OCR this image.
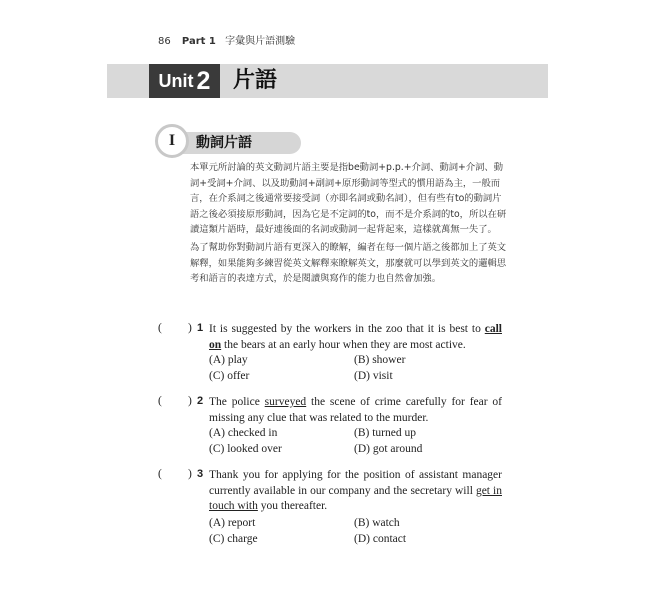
86 Part 1 字彙與片語測驗
Unit 2 片語
I	動詞片語

本單元所討論的英文動詞片語主要是指be動詞+p.p.+介詞、動詞+介詞、動詞+受詞+介詞、以及助動詞+副詞+原形動詞等型式的慣用語為主，一般而言，在介系詞之後通常要接受詞（亦即名詞或動名詞），但有些有to的動詞片語之後必須接原形動詞，因為它是不定詞的to，而不是介系詞的to，所以在研讀這類片語時，最好連後面的名詞或動詞一起背起來，這樣就萬無一失了。

為了幫助你對動詞片語有更深入的瞭解，編者在每一個片語之後都加上了英文解釋，如果能夠多練習從英文解釋來瞭解英文，那麼就可以學到英文的邏輯思考和語言的表達方式，於是閱讀與寫作的能力也自然會加強。

( ) 1 It is suggested by the workers in the zoo that it is best to call on the bears at an early hour when they are most active.
(A) play	(B) shower
(C) offer	(D) visit
( ) 2 The police surveyed the scene of crime carefully for fear of missing any clue that was related to the murder.
(A) checked in	(B) turned up
(C) looked over	(D) got around
( ) 3 Thank you for applying for the position of assistant manager currently available in our company and the secretary will get in touch with you thereafter.
(A) report	(B) watch
(C) charge	(D) contact
